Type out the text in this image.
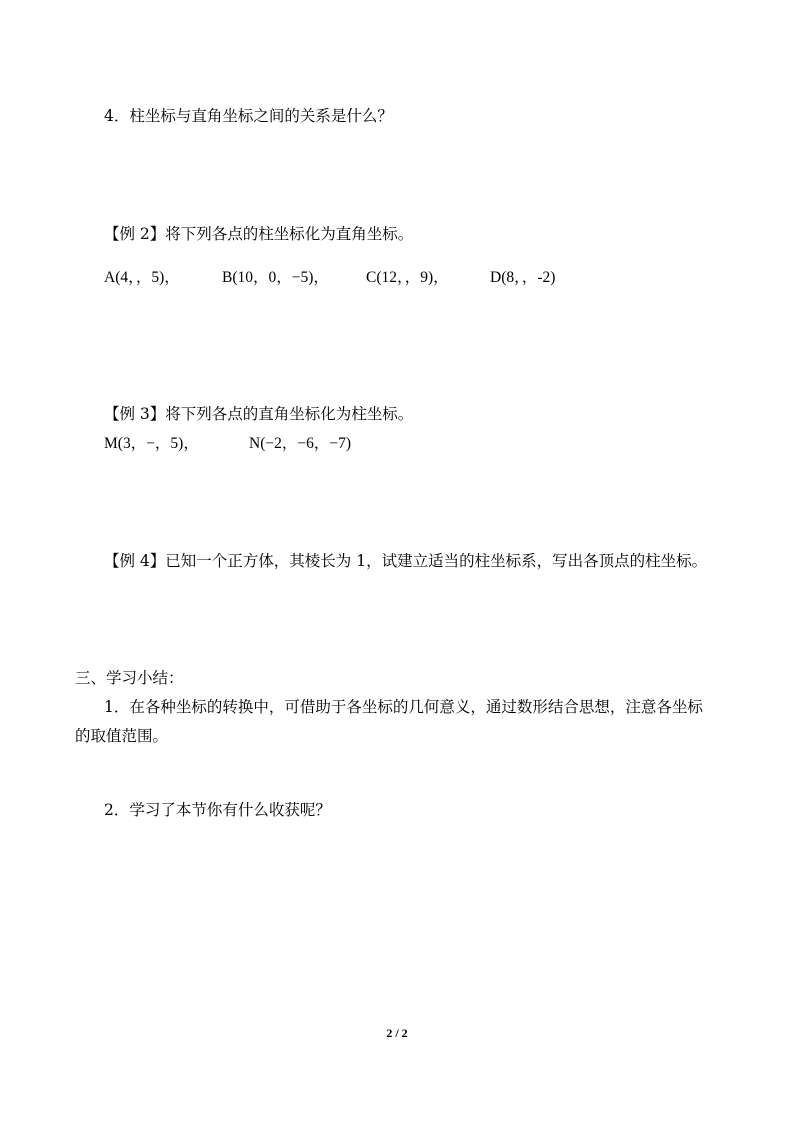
4．柱坐标与直角坐标之间的关系是什么？
【例 2】将下列各点的柱坐标化为直角坐标。

A(4，，5)，

	B(10，0，−5)，

C(12，，9)，

	D(8，，-2)

【例 3】将下列各点的直角坐标化为柱坐标。

M(3，−，5)，

	N(−2，−6，−7)

【例 4】已知一个正方体，其棱长为 1，试建立适当的柱坐标系，写出各顶点的柱坐标。
三、学习小结：
1．在各种坐标的转换中，可借助于各坐标的几何意义，通过数形结合思想，注意各坐标
的取值范围。
2．学习了本节你有什么收获呢？
2 / 2
